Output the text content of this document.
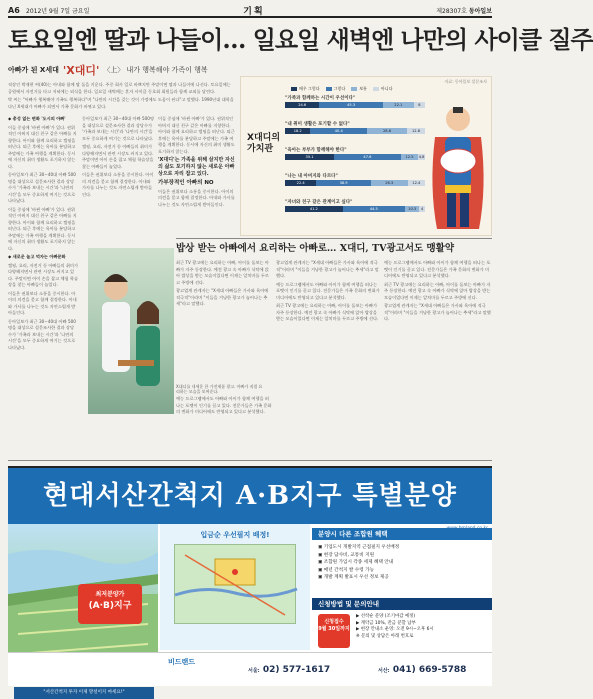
A6	2012년 9월 7일 금요일	기획	제28307호 동아일보
토요일엔 딸과 나들이… 일요일 새벽엔 나만의 사이클 질주
아빠가 된 X세대 'X대디' 〈上〉 내가 행복해야 가족이 행복

직장인 박재현 씨(40)는 아내와 함께 딸 둘을 키운다. 주중 회사 일로 바쁘지만 주말이면 딸과 나들이에 나선다. 토요일에는 공원에서 자전거를 타고 저녁에는 외식을 한다. 일요일 새벽에는 혼자 사이클 동호회 회원들과 함께 교외를 달린다.

박 씨는 "아빠가 행복해야 가족도 행복하다"며 "나만의 시간을 갖는 것이 가정에도 도움이 된다"고 말했다. 1990년대 대학을 다닌 X세대가 아빠가 되면서 가족 문화가 바뀌고 있다.

◆ 총성 없는 변화 '도시의 아빠'

이들 중심에 '바뀐 아빠'가 있다. 권위적인 아버지 대신 친구 같은 아빠를 지향한다. 아이와 함께 요리하고 캠핑을 떠난다. 퇴근 후에는 육아를 분담하고 주말에는 가족 여행을 계획한다. 동시에 자신의 취미 생활도 포기하지 않는다.

동아일보가 최근 30∼40대 아빠 500명을 대상으로 설문조사한 결과 상당수가 '가족과 보내는 시간'과 '나만의 시간'을 모두 중요하게 여기는 것으로 나타났다.

이들 중심에 '바뀐 아빠'가 있다. 권위적인 아버지 대신 친구 같은 아빠를 지향한다. 아이와 함께 요리하고 캠핑을 떠난다. 퇴근 후에는 육아를 분담하고 주말에는 가족 여행을 계획한다. 동시에 자신의 취미 생활도 포기하지 않는다.

◆ 새로운 놀고 먹자는 아빠문화

캠핑, 요리, 자전거 등 아빠들의 취미가 다양해지면서 관련 시장도 커지고 있다. 주말이면 아이 손을 잡고 체험 학습장을 찾는 아빠들이 늘었다.

이들은 권위보다 소통을 중시한다. 아이의 의견을 묻고 함께 결정한다. 아내와 가사를 나누는 것도 자연스럽게 받아들인다.

동아일보가 최근 30∼40대 아빠 500명을 대상으로 설문조사한 결과 상당수가 '가족과 보내는 시간'과 '나만의 시간'을 모두 중요하게 여기는 것으로 나타났다.

동아일보가 최근 30∼40대 아빠 500명을 대상으로 설문조사한 결과 상당수가 '가족과 보내는 시간'과 '나만의 시간'을 모두 중요하게 여기는 것으로 나타났다.

캠핑, 요리, 자전거 등 아빠들의 취미가 다양해지면서 관련 시장도 커지고 있다. 주말이면 아이 손을 잡고 체험 학습장을 찾는 아빠들이 늘었다.

이들은 권위보다 소통을 중시한다. 아이의 의견을 묻고 함께 결정한다. 아내와 가사를 나누는 것도 자연스럽게 받아들인다.

이들 중심에 '바뀐 아빠'가 있다. 권위적인 아버지 대신 친구 같은 아빠를 지향한다. 아이와 함께 요리하고 캠핑을 떠난다. 퇴근 후에는 육아를 분담하고 주말에는 가족 여행을 계획한다. 동시에 자신의 취미 생활도 포기하지 않는다.

'X대디'는 가족을 위해 살지만 자신의 삶도 포기하지 않는 새로운 아빠상으로 자리 잡고 있다.

가부장적인 아빠의 NO

이들은 권위보다 소통을 중시한다. 아이의 의견을 묻고 함께 결정한다. 아내와 가사를 나누는 것도 자연스럽게 받아들인다.

자료: 동아일보 설문조사
매우 그렇다	그렇다	보통	아니다
X대디의 가치관
"가족과 함께하는 시간이 우선이다"
24.6	45.3	22.1	8
"내 취미 생활은 포기할 수 없다"
18.2	40.4	28.6	12.8
"육아는 부부가 함께해야 한다"
35.1	47.6	12.5	4.8
"나는 내 아버지와 다르다"
22.4	38.9	26.3	12.4
"자녀와 친구 같은 관계이고 싶다"
41.2	44.5	10.3	4
밥상 받는 아빠에서 요리하는 아빠로… X대디, TV광고서도 맹활약
X대디를 내세운 한 가전제품 광고. 아빠가 직접 요리하는 모습을 보여준다.

최근 TV 광고에는 요리하는 아빠, 아이를 돌보는 아빠가 자주 등장한다. 예전 광고 속 아빠가 식탁에 앉아 밥상을 받는 모습이었다면 이제는 앞치마를 두르고 주방에 선다.

광고업계 관계자는 "X세대 아빠들은 가사와 육아에 적극적"이라며 "이들을 겨냥한 광고가 늘어나는 추세"라고 말했다.

광고업계 관계자는 "X세대 아빠들은 가사와 육아에 적극적"이라며 "이들을 겨냥한 광고가 늘어나는 추세"라고 말했다.

예능 프로그램에서도 아빠와 아이가 함께 여행을 떠나는 포맷이 인기를 끌고 있다. 전문가들은 가족 문화의 변화가 미디어에도 반영되고 있다고 분석했다.

최근 TV 광고에는 요리하는 아빠, 아이를 돌보는 아빠가 자주 등장한다. 예전 광고 속 아빠가 식탁에 앉아 밥상을 받는 모습이었다면 이제는 앞치마를 두르고 주방에 선다.

예능 프로그램에서도 아빠와 아이가 함께 여행을 떠나는 포맷이 인기를 끌고 있다. 전문가들은 가족 문화의 변화가 미디어에도 반영되고 있다고 분석했다.

최근 TV 광고에는 요리하는 아빠, 아이를 돌보는 아빠가 자주 등장한다. 예전 광고 속 아빠가 식탁에 앉아 밥상을 받는 모습이었다면 이제는 앞치마를 두르고 주방에 선다.

광고업계 관계자는 "X세대 아빠들은 가사와 육아에 적극적"이라며 "이들을 겨냥한 광고가 늘어나는 추세"라고 말했다.

예능 프로그램에서도 아빠와 아이가 함께 여행을 떠나는 포맷이 인기를 끌고 있다. 전문가들은 가족 문화의 변화가 미디어에도 반영되고 있다고 분석했다.

현대서산간척지 A·B지구 특별분양
최저분양가
(A·B)지구
"서산간척지 투자 이제 망설이지 마세요!"
입금순 우선필지 배정!	분양시 다른 조합원 혜택
▣ 기업도시 개발지역 근접필지 우선배정
▣ 현장 답사비, 교통비 지원
▣ 조합원 가입시 각종 세제 혜택 안내
▣ 매년 간척지 쌀 수령 가능
▣ 개발 계획 발표시 우선 정보 제공
신청방법 및 문의안내
신청접수
9월 30일까지
▶ 선착순 분양 (조기마감 예정)
▶ 계약금 10%, 잔금 분할 납부
▶ 현장 안내소 운영: 오전 9시∼오후 6시
※ 문의 및 상담은 아래 번호로
비드랜드
서울: 02) 577-1617	서산: 041) 669-5788
